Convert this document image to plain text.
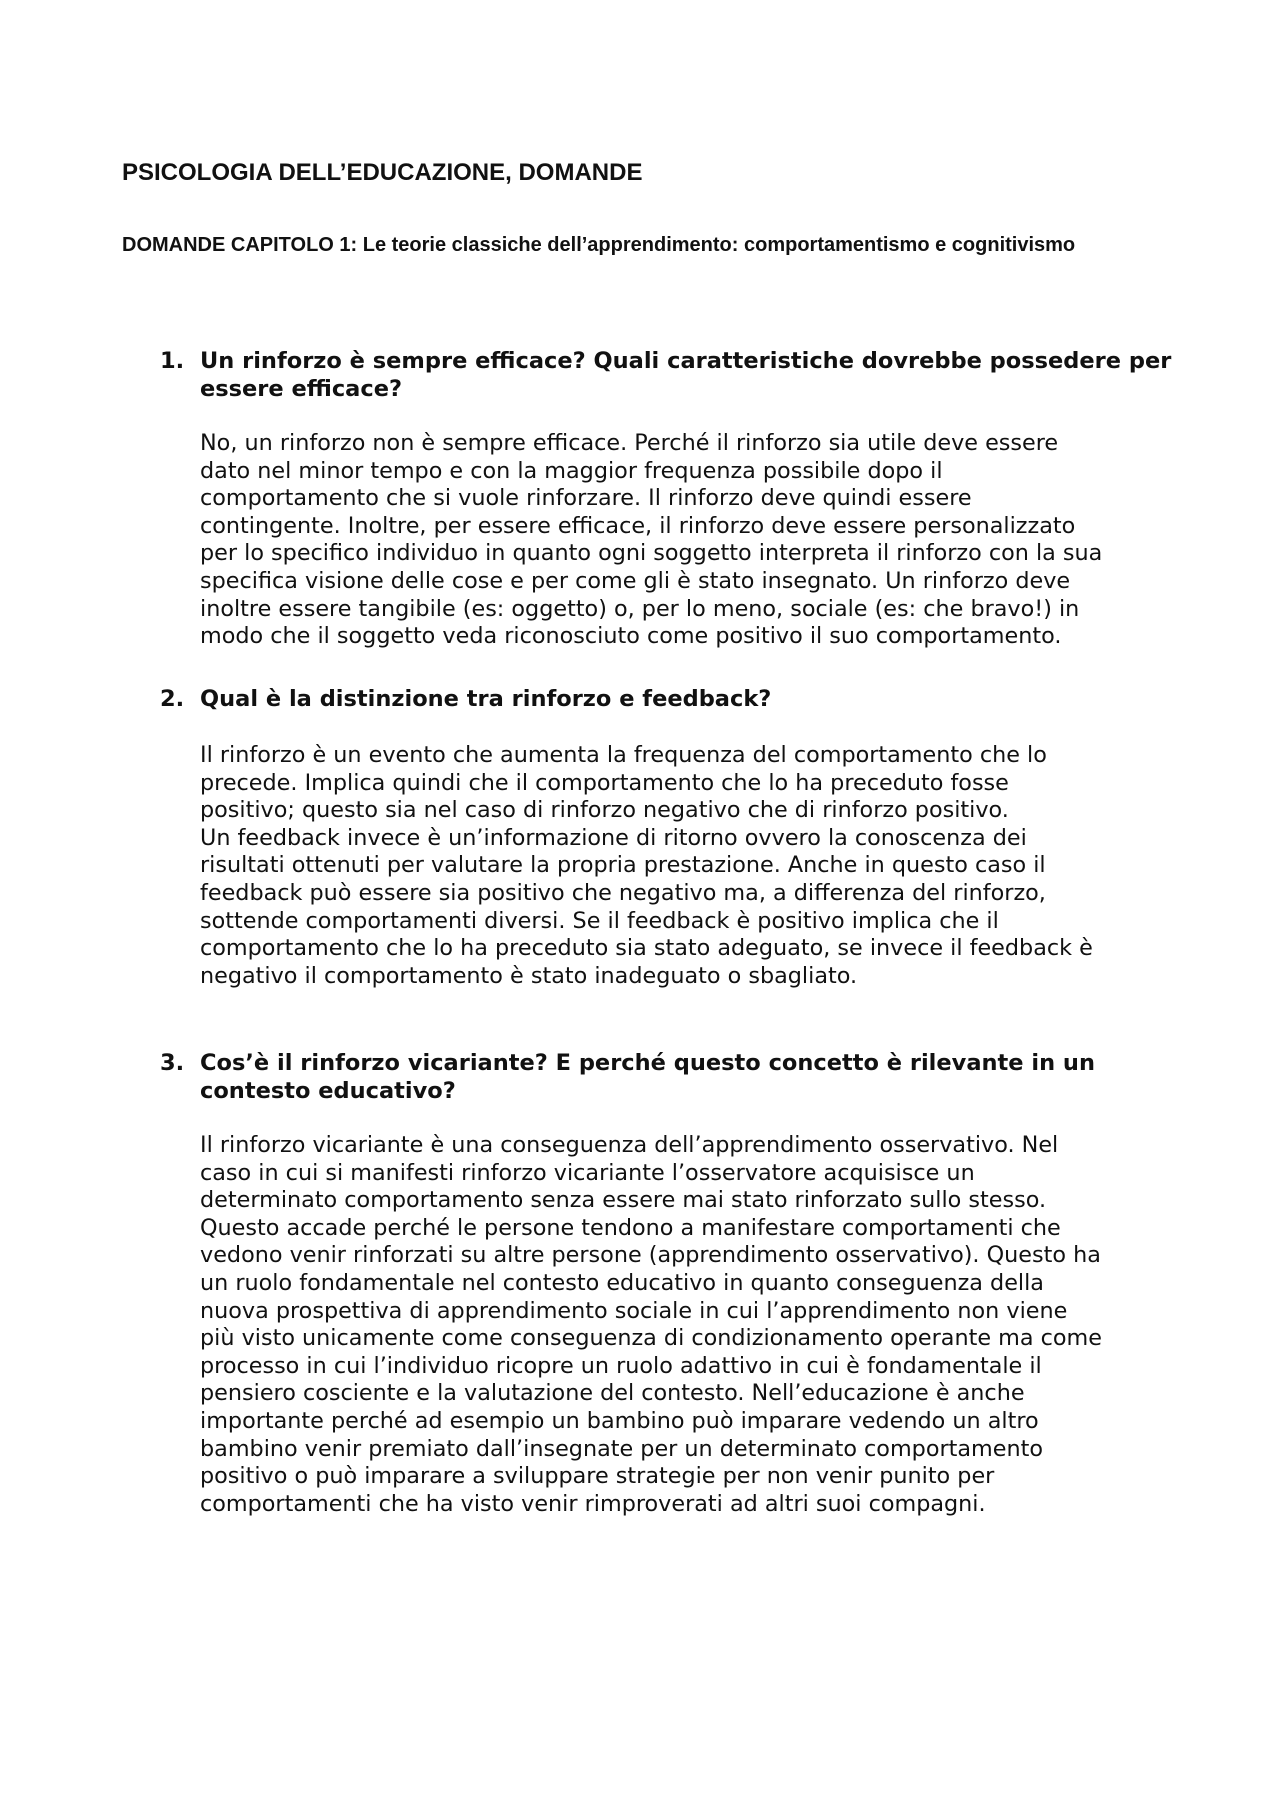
PSICOLOGIA DELL’EDUCAZIONE, DOMANDE
DOMANDE CAPITOLO 1: Le teorie classiche dell’apprendimento: comportamentismo e cognitivismo
1. Un rinforzo è sempre efficace? Quali caratteristiche dovrebbe possedere per essere efficace?

No, un rinforzo non è sempre efficace. Perché il rinforzo sia utile deve essere
dato nel minor tempo e con la maggior frequenza possibile dopo il
comportamento che si vuole rinforzare. Il rinforzo deve quindi essere
contingente. Inoltre, per essere efficace, il rinforzo deve essere personalizzato
per lo specifico individuo in quanto ogni soggetto interpreta il rinforzo con la sua
specifica visione delle cose e per come gli è stato insegnato. Un rinforzo deve
inoltre essere tangibile (es: oggetto) o, per lo meno, sociale (es: che bravo!) in
modo che il soggetto veda riconosciuto come positivo il suo comportamento.

2. Qual è la distinzione tra rinforzo e feedback?

Il rinforzo è un evento che aumenta la frequenza del comportamento che lo
precede. Implica quindi che il comportamento che lo ha preceduto fosse
positivo; questo sia nel caso di rinforzo negativo che di rinforzo positivo.
Un feedback invece è un’informazione di ritorno ovvero la conoscenza dei
risultati ottenuti per valutare la propria prestazione. Anche in questo caso il
feedback può essere sia positivo che negativo ma, a differenza del rinforzo,
sottende comportamenti diversi. Se il feedback è positivo implica che il
comportamento che lo ha preceduto sia stato adeguato, se invece il feedback è
negativo il comportamento è stato inadeguato o sbagliato.

3. Cos’è il rinforzo vicariante? E perché questo concetto è rilevante in un contesto educativo?

Il rinforzo vicariante è una conseguenza dell’apprendimento osservativo. Nel
caso in cui si manifesti rinforzo vicariante l’osservatore acquisisce un
determinato comportamento senza essere mai stato rinforzato sullo stesso.
Questo accade perché le persone tendono a manifestare comportamenti che
vedono venir rinforzati su altre persone (apprendimento osservativo). Questo ha
un ruolo fondamentale nel contesto educativo in quanto conseguenza della
nuova prospettiva di apprendimento sociale in cui l’apprendimento non viene
più visto unicamente come conseguenza di condizionamento operante ma come
processo in cui l’individuo ricopre un ruolo adattivo in cui è fondamentale il
pensiero cosciente e la valutazione del contesto. Nell’educazione è anche
importante perché ad esempio un bambino può imparare vedendo un altro
bambino venir premiato dall’insegnate per un determinato comportamento
positivo o può imparare a sviluppare strategie per non venir punito per
comportamenti che ha visto venir rimproverati ad altri suoi compagni.
